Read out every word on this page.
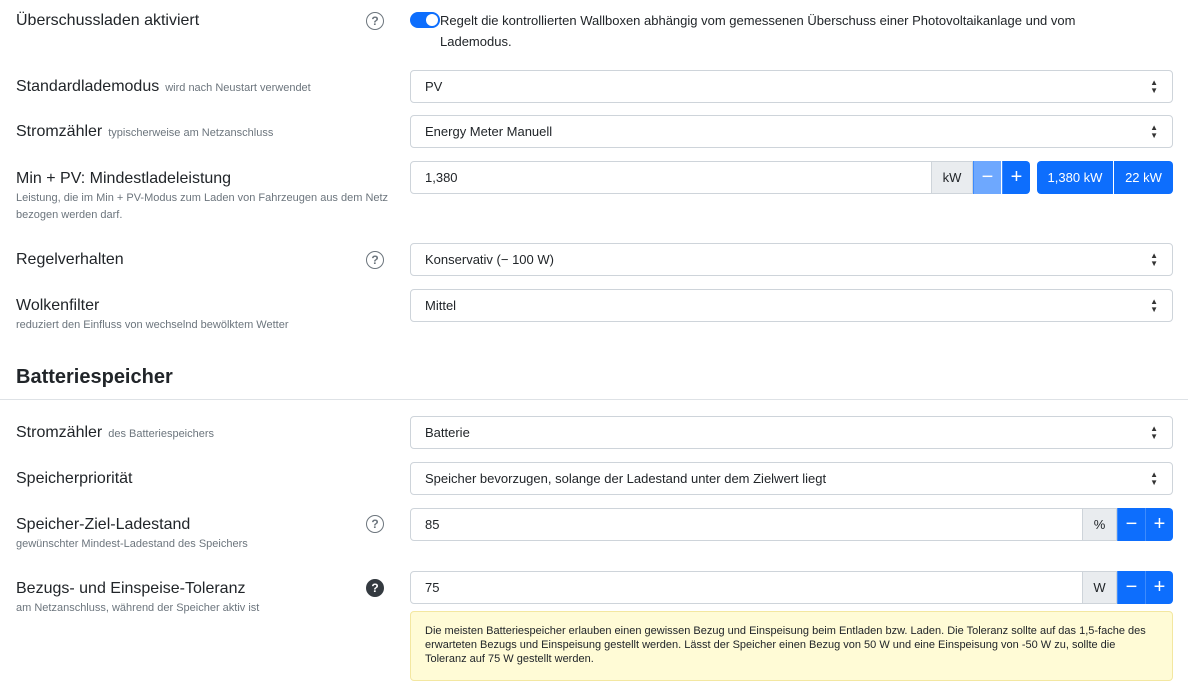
Überschussladen aktiviert	?	Regelt die kontrollierten Wallboxen abhängig vom gemessenen Überschuss einer Photovoltaikanlage und vom Lademodus.
Standardlademodus wird nach Neustart verwendet	PV	▲
▼
Stromzähler typischerweise am Netzanschluss	Energy Meter Manuell	▲
▼
Min + PV: Mindestladeleistung
Leistung, die im Min + PV-Modus zum Laden von Fahrzeugen aus dem Netz bezogen werden darf.
1,380	kW	− +	1,380 kW	22 kW
Regelverhalten	?	Konservativ (− 100 W)	▲
▼
Wolkenfilter
reduziert den Einfluss von wechselnd bewölktem Wetter
Mittel	▲
▼
Batteriespeicher
Stromzähler des Batteriespeichers	Batterie	▲
▼
Speicherpriorität	Speicher bevorzugen, solange der Ladestand unter dem Zielwert liegt	▲
▼
Speicher-Ziel-Ladestand
gewünschter Mindest-Ladestand des Speichers
?	85	%	− +
Bezugs- und Einspeise-Toleranz
am Netzanschluss, während der Speicher aktiv ist
?	75	W	− +
Die meisten Batteriespeicher erlauben einen gewissen Bezug und Einspeisung beim Entladen bzw. Laden. Die Toleranz sollte auf das 1,5-fache des erwarteten Bezugs und Einspeisung gestellt werden. Lässt der Speicher einen Bezug von 50 W und eine Einspeisung von -50 W zu, sollte die Toleranz auf 75 W gestellt werden.
